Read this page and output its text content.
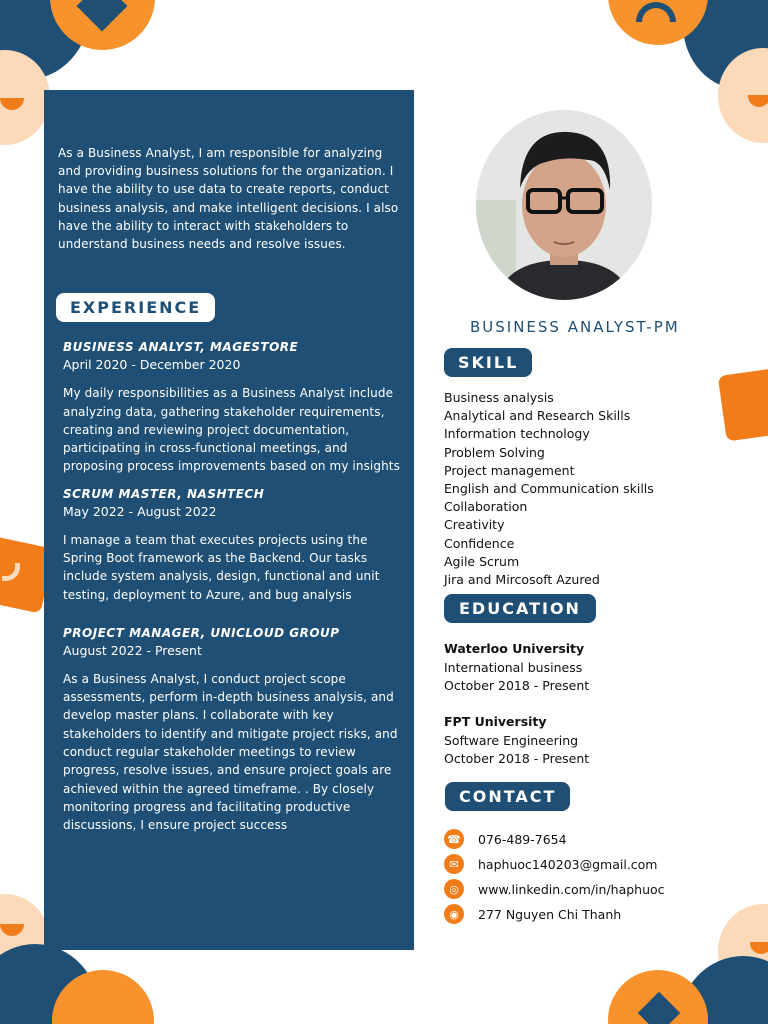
As a Business Analyst, I am responsible for analyzing and providing business solutions for the organization. I have the ability to use data to create reports, conduct business analysis, and make intelligent decisions. I also have the ability to interact with stakeholders to understand business needs and resolve issues.

EXPERIENCE
BUSINESS ANALYST, MAGESTORE
April 2020 - December 2020
My daily responsibilities as a Business Analyst include analyzing data, gathering stakeholder requirements, creating and reviewing project documentation, participating in cross-functional meetings, and proposing process improvements based on my insights
SCRUM MASTER, NASHTECH
May 2022 - August 2022
I manage a team that executes projects using the Spring Boot framework as the Backend. Our tasks include system analysis, design, functional and unit testing, deployment to Azure, and bug analysis
PROJECT MANAGER, UNICLOUD GROUP
August 2022 - Present
As a Business Analyst, I conduct project scope assessments, perform in-depth business analysis, and develop master plans. I collaborate with key stakeholders to identify and mitigate project risks, and conduct regular stakeholder meetings to review progress, resolve issues, and ensure project goals are achieved within the agreed timeframe. . By closely monitoring progress and facilitating productive discussions, I ensure project success
BUSINESS ANALYST-PM
SKILL
Business analysis
Analytical and Research Skills
Information technology
Problem Solving
Project management
English and Communication skills
Collaboration
Creativity
Confidence
Agile Scrum
Jira and Mircosoft Azured
EDUCATION
Waterloo University
International business
October 2018 - Present
FPT University
Software Engineering
October 2018 - Present
CONTACT
☎ 076-489-7654
✉	haphuoc140203@gmail.com
◎	www.linkedin.com/in/haphuoc
◉	277 Nguyen Chi Thanh
